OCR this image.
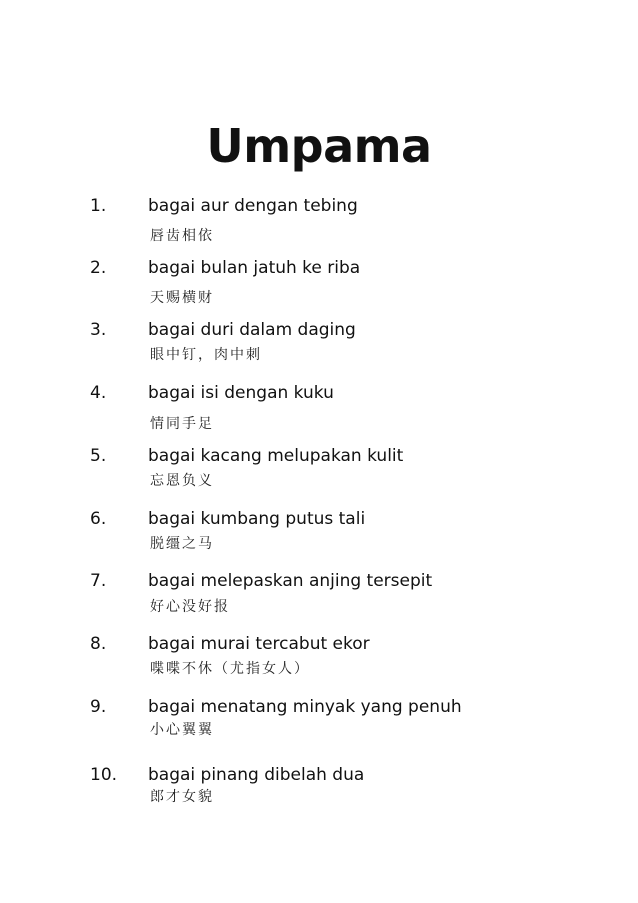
Umpama
1. bagai aur dengan tebing
唇齿相依
2. bagai bulan jatuh ke riba
天赐横财
3. bagai duri dalam daging
眼中钉，肉中刺
4. bagai isi dengan kuku
情同手足
5. bagai kacang melupakan kulit
忘恩负义
6. bagai kumbang putus tali
脱缰之马
7. bagai melepaskan anjing tersepit
好心没好报
8. bagai murai tercabut ekor
喋喋不休（尤指女人）
9. bagai menatang minyak yang penuh
小心翼翼
10. bagai pinang dibelah dua
郎才女貌
